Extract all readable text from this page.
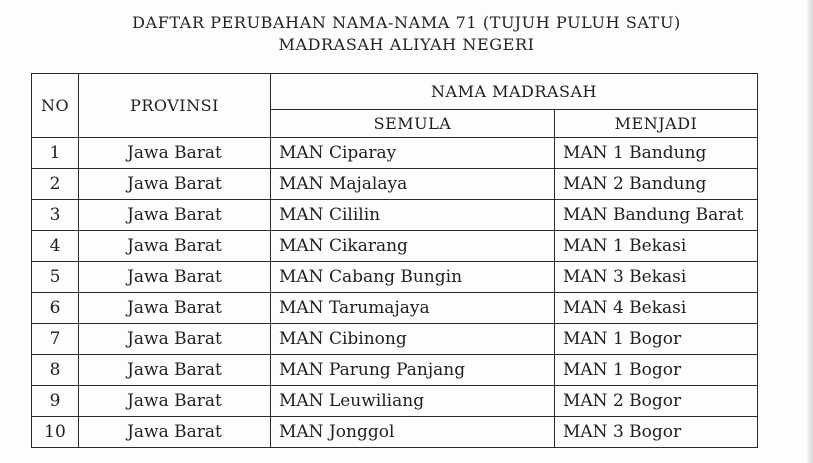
DAFTAR PERUBAHAN NAMA-NAMA 71 (TUJUH PULUH SATU)
MADRASAH ALIYAH NEGERI
NO	PROVINSI	NAMA MADRASAH	
		SEMULA	MENJADI
1	Jawa Barat	MAN Ciparay	MAN 1 Bandung
2	Jawa Barat	MAN Majalaya	MAN 2 Bandung
3	Jawa Barat	MAN Cililin	MAN Bandung Barat
4	Jawa Barat	MAN Cikarang	MAN 1 Bekasi
5	Jawa Barat	MAN Cabang Bungin	MAN 3 Bekasi
6	Jawa Barat	MAN Tarumajaya	MAN 4 Bekasi
7	Jawa Barat	MAN Cibinong	MAN 1 Bogor
8	Jawa Barat	MAN Parung Panjang	MAN 1 Bogor
9	Jawa Barat	MAN Leuwiliang	MAN 2 Bogor
10	Jawa Barat	MAN Jonggol	MAN 3 Bogor
